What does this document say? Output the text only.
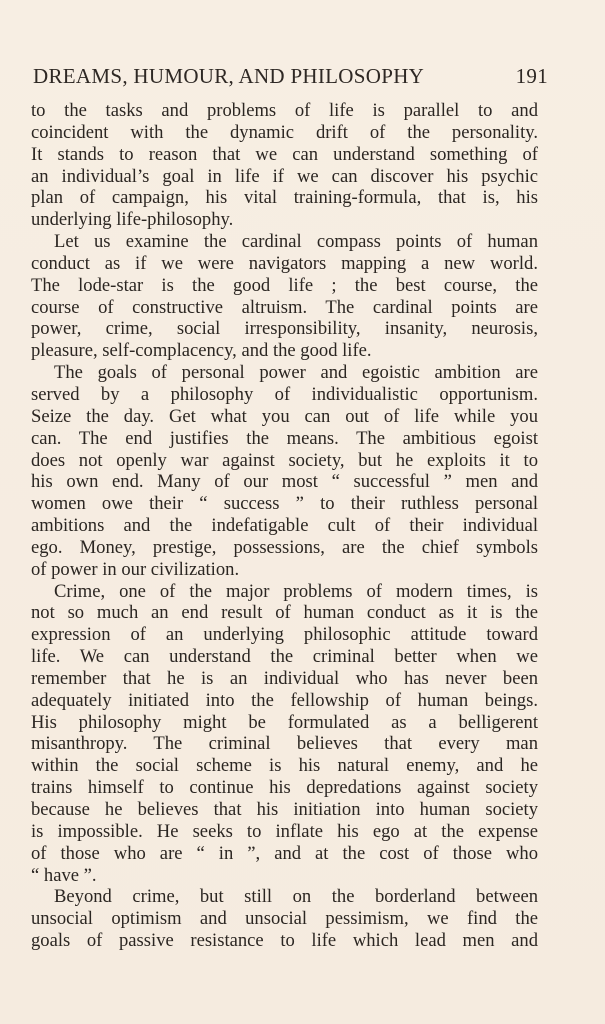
DREAMS, HUMOUR, AND PHILOSOPHY	191
to the tasks and problems of life is parallel to and
coincident with the dynamic drift of the personality.
It stands to reason that we can understand something of
an individual’s goal in life if we can discover his psychic
plan of campaign, his vital training-formula, that is, his
underlying life-philosophy.
Let us examine the cardinal compass points of human
conduct as if we were navigators mapping a new world.
The lode-star is the good life ; the best course, the
course of constructive altruism. The cardinal points are
power, crime, social irresponsibility, insanity, neurosis,
pleasure, self-complacency, and the good life.
The goals of personal power and egoistic ambition are
served by a philosophy of individualistic opportunism.
Seize the day. Get what you can out of life while you
can. The end justifies the means. The ambitious egoist
does not openly war against society, but he exploits it to
his own end. Many of our most “ successful ” men and
women owe their “ success ” to their ruthless personal
ambitions and the indefatigable cult of their individual
ego. Money, prestige, possessions, are the chief symbols
of power in our civilization.
Crime, one of the major problems of modern times, is
not so much an end result of human conduct as it is the
expression of an underlying philosophic attitude toward
life. We can understand the criminal better when we
remember that he is an individual who has never been
adequately initiated into the fellowship of human beings.
His philosophy might be formulated as a belligerent
misanthropy. The criminal believes that every man
within the social scheme is his natural enemy, and he
trains himself to continue his depredations against society
because he believes that his initiation into human society
is impossible. He seeks to inflate his ego at the expense
of those who are “ in ”, and at the cost of those who
“ have ”.
Beyond crime, but still on the borderland between
unsocial optimism and unsocial pessimism, we find the
goals of passive resistance to life which lead men and
